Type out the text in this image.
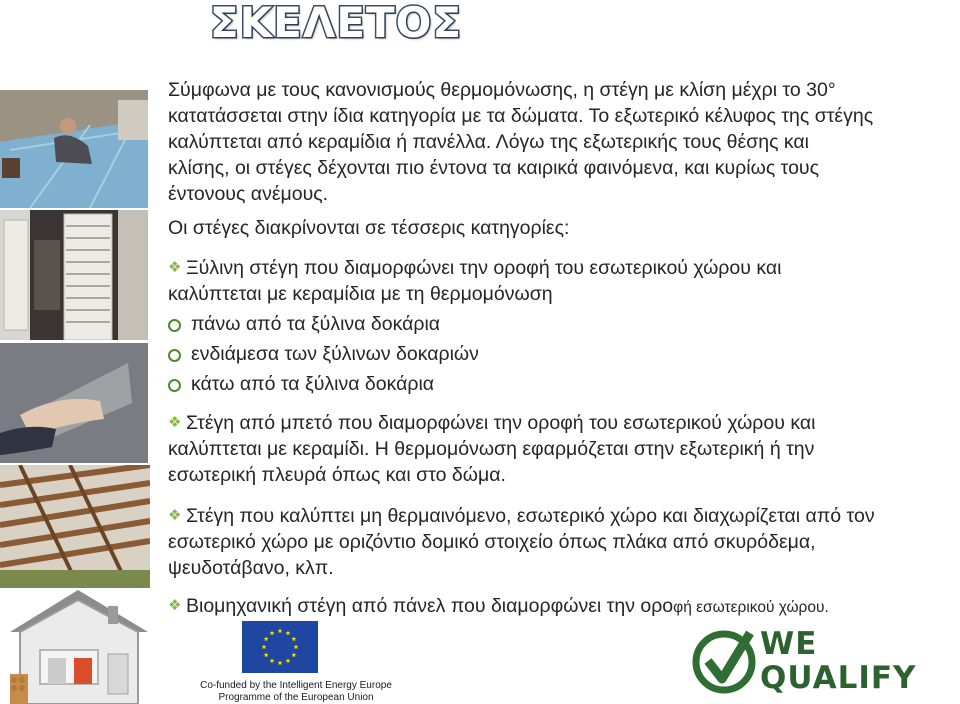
ΣΚΕΛΕΤΟΣ
Σύμφωνα με τους κανονισμούς θερμομόνωσης, η στέγη με κλίση μέχρι το 30°
κατατάσσεται στην ίδια κατηγορία με τα δώματα. Το εξωτερικό κέλυφος της στέγης
καλύπτεται από κεραμίδια ή πανέλλα. Λόγω της εξωτερικής τους θέσης και
κλίσης, οι στέγες δέχονται πιο έντονα τα καιρικά φαινόμενα, και κυρίως τους
έντονους ανέμους.
Οι στέγες διακρίνονται σε τέσσερις κατηγορίες:
❖ Ξύλινη στέγη που διαμορφώνει την οροφή του εσωτερικού χώρου και
καλύπτεται με κεραμίδια με τη θερμομόνωση
πάνω από τα ξύλινα δοκάρια
ενδιάμεσα των ξύλινων δοκαριών
κάτω από τα ξύλινα δοκάρια
❖ Στέγη από μπετό που διαμορφώνει την οροφή του εσωτερικού χώρου και
καλύπτεται με κεραμίδι. Η θερμομόνωση εφαρμόζεται στην εξωτερική ή την
εσωτερική πλευρά όπως και στο δώμα.
❖ Στέγη που καλύπτει μη θερμαινόμενο, εσωτερικό χώρο και διαχωρίζεται από τον
εσωτερικό χώρο με οριζόντιο δομικό στοιχείο όπως πλάκα από σκυρόδεμα,
ψευδοτάβανο, κλπ.
❖ Βιομηχανική στέγη από πάνελ που διαμορφώνει την οροφή εσωτερικού χώρου.
Co-funded by the Intelligent Energy Europe
Programme of the European Union
WE
QUALIFY
